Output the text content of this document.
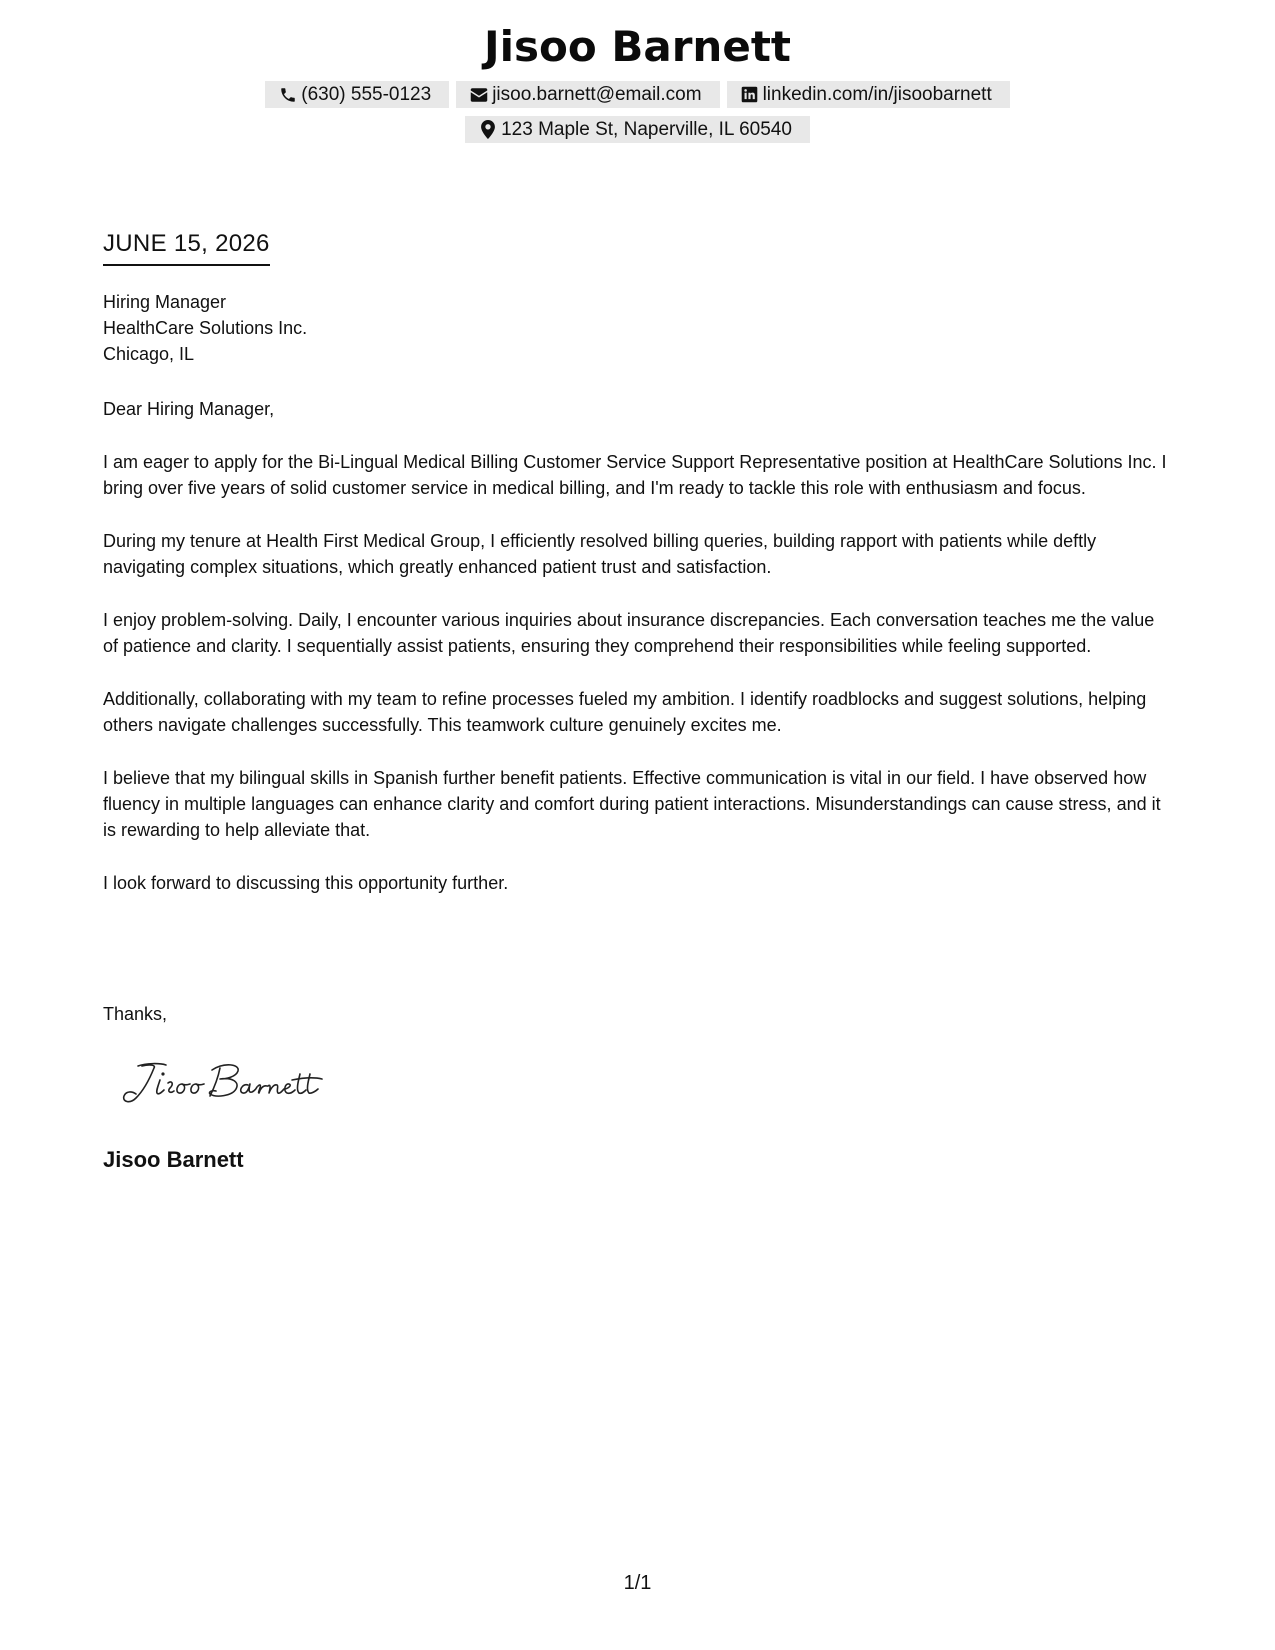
Jisoo Barnett
(630) 555-0123	jisoo.barnett@email.com	linkedin.com/in/jisoobarnett
123 Maple St, Naperville, IL 60540
JUNE 15, 2026
Hiring Manager
HealthCare Solutions Inc.
Chicago, IL

Dear Hiring Manager,

I am eager to apply for the Bi-Lingual Medical Billing Customer Service Support Representative position at HealthCare Solutions Inc. I bring over five years of solid customer service in medical billing, and I'm ready to tackle this role with enthusiasm and focus.

During my tenure at Health First Medical Group, I efficiently resolved billing queries, building rapport with patients while deftly navigating complex situations, which greatly enhanced patient trust and satisfaction.

I enjoy problem-solving. Daily, I encounter various inquiries about insurance discrepancies. Each conversation teaches me the value of patience and clarity. I sequentially assist patients, ensuring they comprehend their responsibilities while feeling supported.

Additionally, collaborating with my team to refine processes fueled my ambition. I identify roadblocks and suggest solutions, helping others navigate challenges successfully. This teamwork culture genuinely excites me.

I believe that my bilingual skills in Spanish further benefit patients. Effective communication is vital in our field. I have observed how fluency in multiple languages can enhance clarity and comfort during patient interactions. Misunderstandings can cause stress, and it is rewarding to help alleviate that.

I look forward to discussing this opportunity further.

Thanks,
Jisoo Barnett
1/1
